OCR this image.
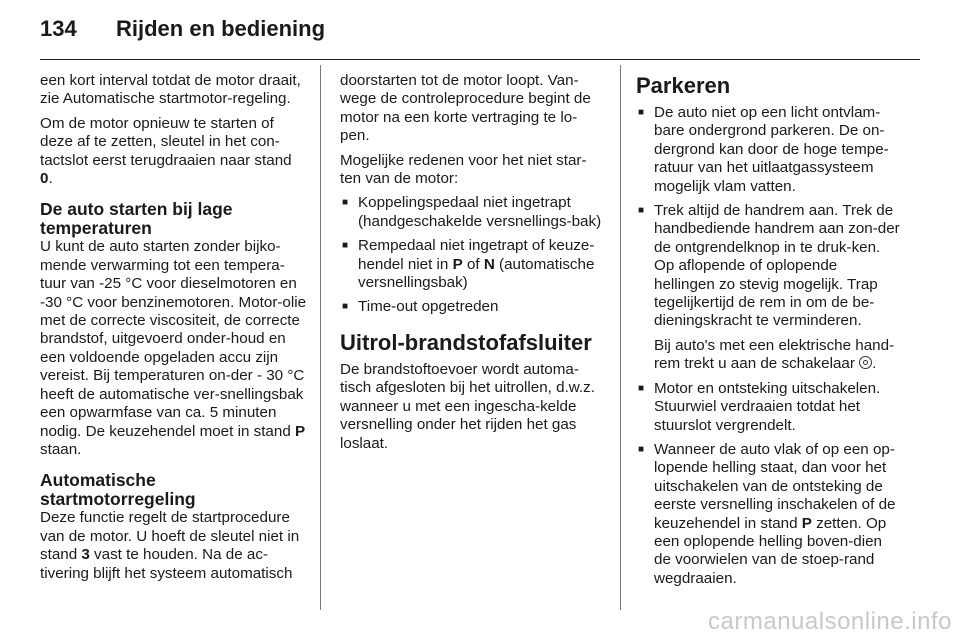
134	Rijden en bediening

een kort interval totdat de motor draait, zie Automatische startmotor-regeling.

Om de motor opnieuw te starten of deze af te zetten, sleutel in het con-tactslot eerst terugdraaien naar stand 0.

De auto starten bij lage temperaturen

U kunt de auto starten zonder bijko-mende verwarming tot een tempera-tuur van -25 °C voor dieselmotoren en -30 °C voor benzinemotoren. Motor-olie met de correcte viscositeit, de correcte brandstof, uitgevoerd onder-houd en een voldoende opgeladen accu zijn vereist. Bij temperaturen on-der - 30 °C heeft de automatische ver-snellingsbak een opwarmfase van ca. 5 minuten nodig. De keuzehendel moet in stand P staan.

Automatische startmotorregeling

Deze functie regelt de startprocedure van de motor. U hoeft de sleutel niet in stand 3 vast te houden. Na de ac-tivering blijft het systeem automatisch

doorstarten tot de motor loopt. Van-wege de controleprocedure begint de motor na een korte vertraging te lo-pen.

Mogelijke redenen voor het niet star-ten van de motor:

■ Koppelingspedaal niet ingetrapt (handgeschakelde versnellings-bak)
■ Rempedaal niet ingetrapt of keuze-hendel niet in P of N (automatische versnellingsbak)
■ Time-out opgetreden
Uitrol-brandstofafsluiter

De brandstoftoevoer wordt automa-tisch afgesloten bij het uitrollen, d.w.z. wanneer u met een ingescha-kelde versnelling onder het rijden het gas loslaat.

Parkeren
■ De auto niet op een licht ontvlam-bare ondergrond parkeren. De on-dergrond kan door de hoge tempe-ratuur van het uitlaatgassysteem mogelijk vlam vatten.
■ Trek altijd de handrem aan. Trek de handbediende handrem aan zon-der de ontgrendelknop in te druk-ken. Op aflopende of oplopende hellingen zo stevig mogelijk. Trap tegelijkertijd de rem in om de be-dieningskracht te verminderen.
Bij auto's met een elektrische hand-rem trekt u aan de schakelaar .
■ Motor en ontsteking uitschakelen. Stuurwiel verdraaien totdat het stuurslot vergrendelt.
■ Wanneer de auto vlak of op een op-lopende helling staat, dan voor het uitschakelen van de ontsteking de eerste versnelling inschakelen of de keuzehendel in stand P zetten. Op een oplopende helling boven-dien de voorwielen van de stoep-rand wegdraaien.
carmanualsonline.info
